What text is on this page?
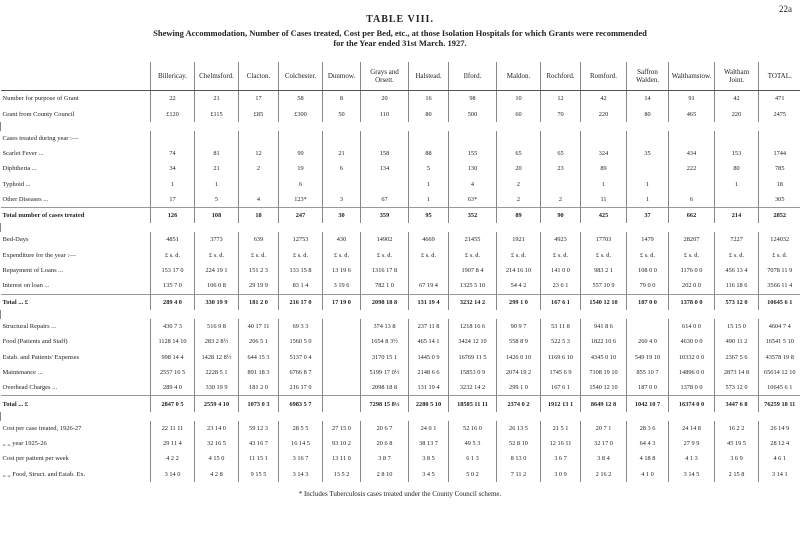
22a
TABLE VIII.
Shewing Accommodation, Number of Cases treated, Cost per Bed, etc., at those Isolation Hospitals for which Grants were recommended
for the Year ended 31st March. 1927.
	Billericay.	Chelmsford.	Clacton.	Colchester.	Dunmow.	Grays and Orsett.	Halstead.	Ilford.	Maldon.	Rochford.	Romford.	Saffron Walden.	Walthamstow.	Waltham Joint.	TOTAL.
Number for purpose of Grant	22	21	17	58	8	20	16	98	10	12	42	14	91	42	471
Grant from County Council	£120	£115	£85	£300	50	110	80	500	60	70	220	80	465	220	2475

Cases treated during year :—															
Scarlet Fever ...	74	81	12	99	21	158	88	155	65	65	324	35	434	153	1744
Diphtheria ...	34	21	2	19	6	134	5	130	20	23	89		222	80	785
Typhoid ...	1	1		6			1	4	2		1	1		1	18
Other Diseases ...	17	5	4	123*	3	67	1	63*	2	2	11	1	6		305
Total number of cases treated	126	108	18	247	30	359	95	352	89	90	425	37	662	214	2852

Bed-Days	4851	3773	639	12753	430	14902	4669	21455	1921	4923	17703	1479	28207	7227	124032
Expenditure for the year :—	£ s. d.	£ s. d.	£ s. d.	£ s. d.	£ s. d.	£ s. d.	£ s. d.	£ s. d.	£ s. d.	£ s. d.	£ s. d.	£ s. d.	£ s. d.	£ s. d.	£ s. d.
Repayment of Loans ...	153 17 0	224 19 1	151 2 3	133 15 8	13 19 6	1316 17 8		1907 8 4	214 16 10	141 0 0	983 2 1	108 0 0	1176 0 0	456 13 4	7078 11 9
Interest on loan ...	135 7 0	106 0 8	29 19 9	83 1 4	3 19 6	782 1 0	67 19 4	1325 5 10	54 4 2	23 6 1	557 10 9	79 0 0	202 0 0	116 18 6	3566 11 4
Total ... £	289 4 0	330 19 9	181 2 0	216 17 0	17 19 0	2098 18 8	131 19 4	3232 14 2	299 1 0	167 6 1	1540 12 10	187 0 0	1378 0 0	573 12 0	10645 6 1

Structural Repairs ...	430 7 3	516 9 8	40 17 11	69 3 3		374 13 8	237 11 8	1218 16 6	90 9 7	53 11 8	941 8 6		614 0 0	15 15 0	4604 7 4
Food (Patients and Staff)	1128 14 10	283 2 8½	206 5 1	1560 5 0		1654 8 3½	465 14 1	3424 12 10	558 8 9	522 5 3	1822 10 6	260 4 0	4630 0 0	490 11 2	16541 5 10
Estab. and Patients' Expenses	998 14 4	1428 12 8½	644 15 3	5137 0 4		3170 15 1	1445 0 9	16769 11 5	1426 0 10	1169 6 10	4345 0 10	549 19 10	10332 0 0	2367 5 6	43578 19 8
Maintenance ...	2557 16 5	2228 5 1	891 18 3	6766 8 7		5199 17 0½	2148 6 6	15853 0 9	2074 19 2	1745 6 9	7108 19 10	855 10 7	14896 0 0	2873 14 8	65614 12 10
Overhead Charges ...	289 4 0	330 19 9	181 2 0	216 17 0		2098 18 8	131 19 4	3232 14 2	299 1 0	167 6 1	1540 12 10	187 0 0	1378 0 0	573 12 0	10645 6 1
Total ... £	2847 0 5	2559 4 10	1073 0 3	6983 5 7		7298 15 8½	2280 5 10	18585 11 11	2374 0 2	1912 13 1	8649 12 8	1042 10 7	16374 0 0	3447 6 8	76259 18 11

Cost per case treated, 1926-27	22 11 11	23 14 0	59 12 3	28 5 5	27 15 0	20 6 7	24 0 1	52 16 0	26 13 5	21 5 1	20 7 1	28 3 6	24 14 8	16 2 2	26 14 9
,, ,, year 1925-26	29 11 4	32 16 5	43 16 7	16 14 5	93 10 2	20 6 8	38 13 7	49 5 3	52 8 10	12 16 11	32 17 0	64 4 3	27 9 9	45 19 5	28 12 4
Cost per patient per week	4 2 2	4 15 0	11 15 1	3 16 7	13 11 0	3 8 7	3 8 5	6 1 3	8 13 0	3 6 7	3 8 4	4 18 8	4 1 3	3 6 9	4 6 1
,, ,, Food, Struct. and Estab. Ex.	3 14 0	4 2 8	9 15 5	3 14 3	13 5 2	2 8 10	3 4 5	5 0 2	7 11 2	3 0 9	2 16 2	4 1 0	3 14 5	2 15 8	3 14 1
* Includes Tuberculosis cases treated under the County Council scheme.
